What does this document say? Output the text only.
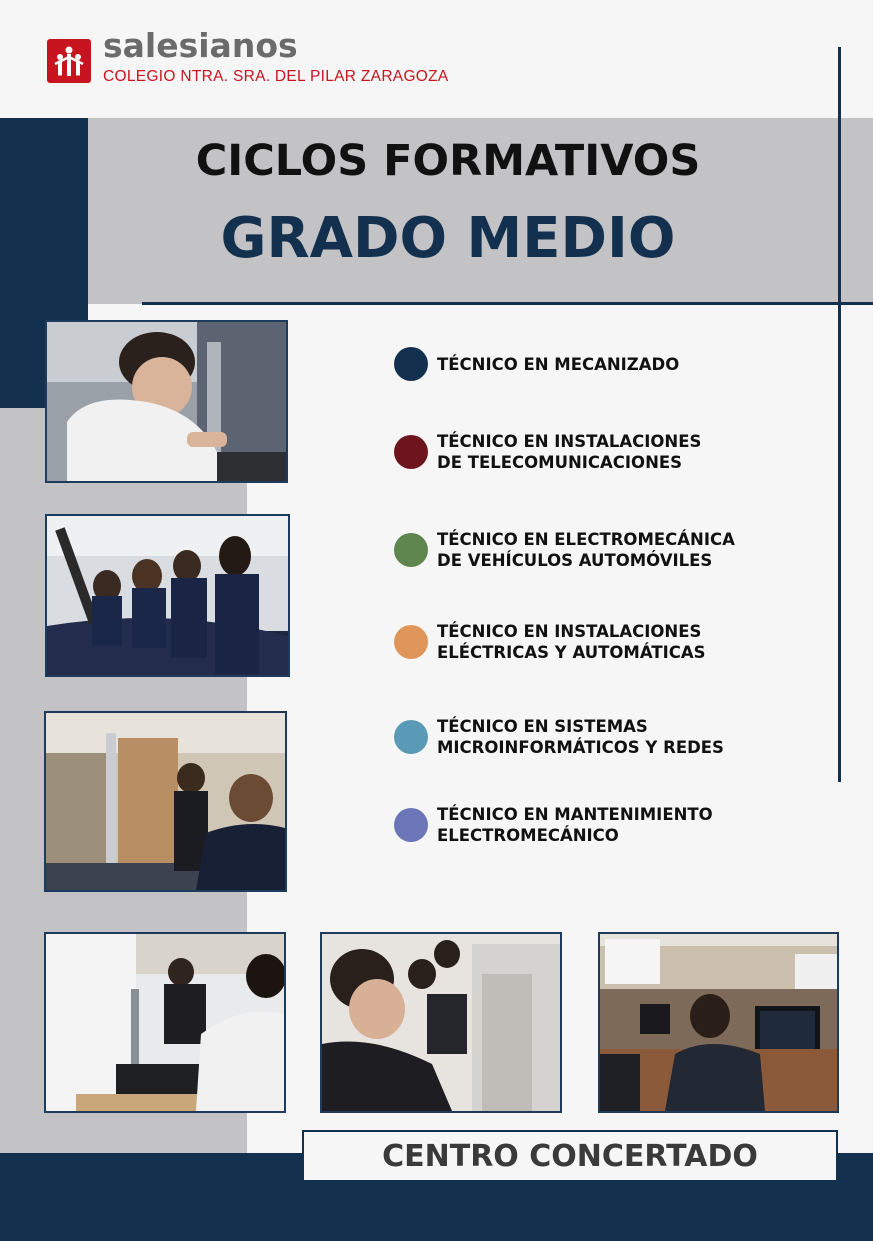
salesianos
COLEGIO NTRA. SRA. DEL PILAR ZARAGOZA
CICLOS FORMATIVOS
GRADO MEDIO
TÉCNICO EN MECANIZADO
TÉCNICO EN INSTALACIONES
DE TELECOMUNICACIONES
TÉCNICO EN ELECTROMECÁNICA
DE VEHÍCULOS AUTOMÓVILES
TÉCNICO EN INSTALACIONES
ELÉCTRICAS Y AUTOMÁTICAS
TÉCNICO EN SISTEMAS
MICROINFORMÁTICOS Y REDES
TÉCNICO EN MANTENIMIENTO
ELECTROMECÁNICO
CENTRO CONCERTADO
